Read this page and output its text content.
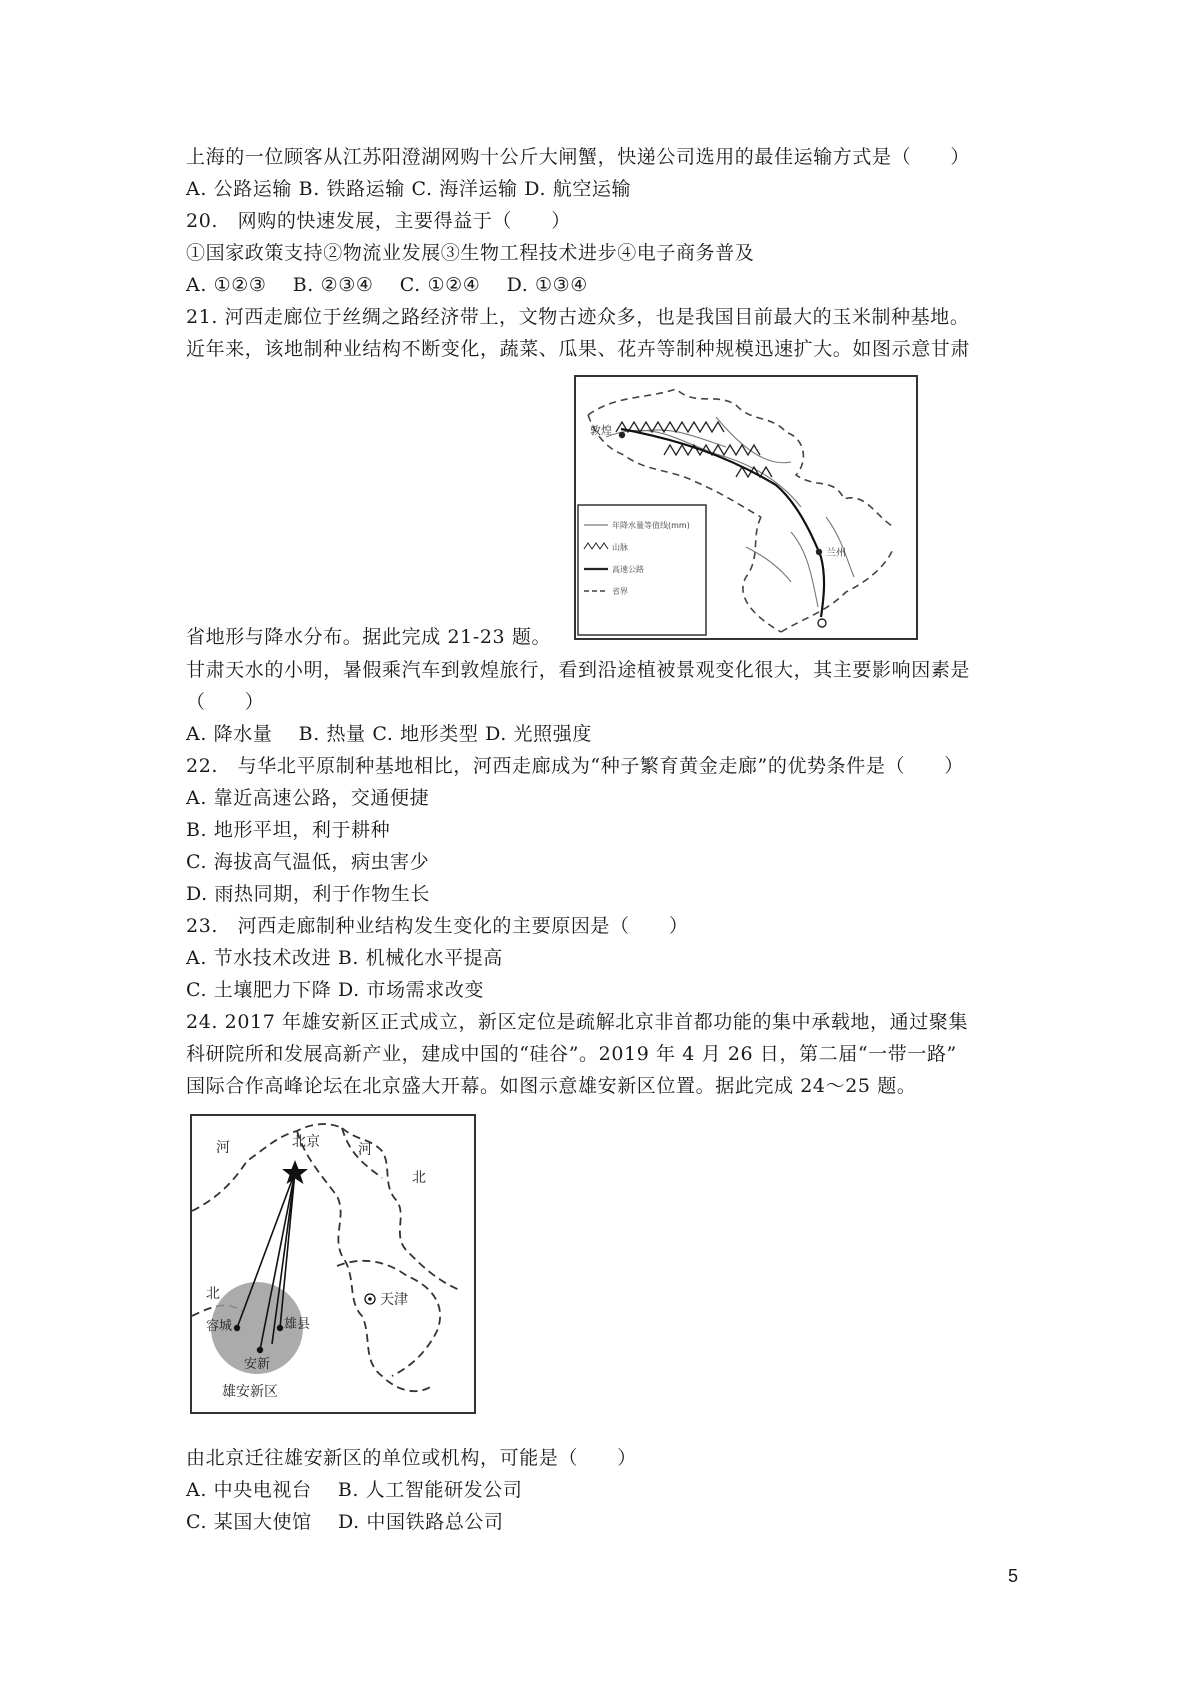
上海的一位顾客从江苏阳澄湖网购十公斤大闸蟹，快递公司选用的最佳运输方式是（　　）
A. 公路运输 B. 铁路运输 C. 海洋运输 D. 航空运输
20.　网购的快速发展，主要得益于（　　）
①国家政策支持②物流业发展③生物工程技术进步④电子商务普及
A. ①②③　 B. ②③④　 C. ①②④　 D. ①③④
21. 河西走廊位于丝绸之路经济带上，文物古迹众多，也是我国目前最大的玉米制种基地。
近年来，该地制种业结构不断变化，蔬菜、瓜果、花卉等制种规模迅速扩大。如图示意甘肃
敦煌
兰州
年降水量等值线(mm)
山脉
高速公路
省界
省地形与降水分布。据此完成 21-23 题。
甘肃天水的小明，暑假乘汽车到敦煌旅行，看到沿途植被景观变化很大，其主要影响因素是
（　　）
A. 降水量　 B. 热量 C. 地形类型 D. 光照强度
22.　与华北平原制种基地相比，河西走廊成为“种子繁育黄金走廊”的优势条件是（　　）
A. 靠近高速公路，交通便捷
B. 地形平坦，利于耕种
C. 海拔高气温低，病虫害少
D. 雨热同期，利于作物生长
23.　河西走廊制种业结构发生变化的主要原因是（　　）
A. 节水技术改进 B. 机械化水平提高
C. 土壤肥力下降 D. 市场需求改变
24. 2017 年雄安新区正式成立，新区定位是疏解北京非首都功能的集中承载地，通过聚集
科研院所和发展高新产业，建成中国的“硅谷”。2019 年 4 月 26 日，第二届“一带一路”
国际合作高峰论坛在北京盛大开幕。如图示意雄安新区位置。据此完成 24～25 题。
河
北
北京	河
北
天津
容城	雄县
安新
雄安新区
由北京迁往雄安新区的单位或机构，可能是（　　）
A. 中央电视台　 B. 人工智能研发公司
C. 某国大使馆　 D. 中国铁路总公司
5
